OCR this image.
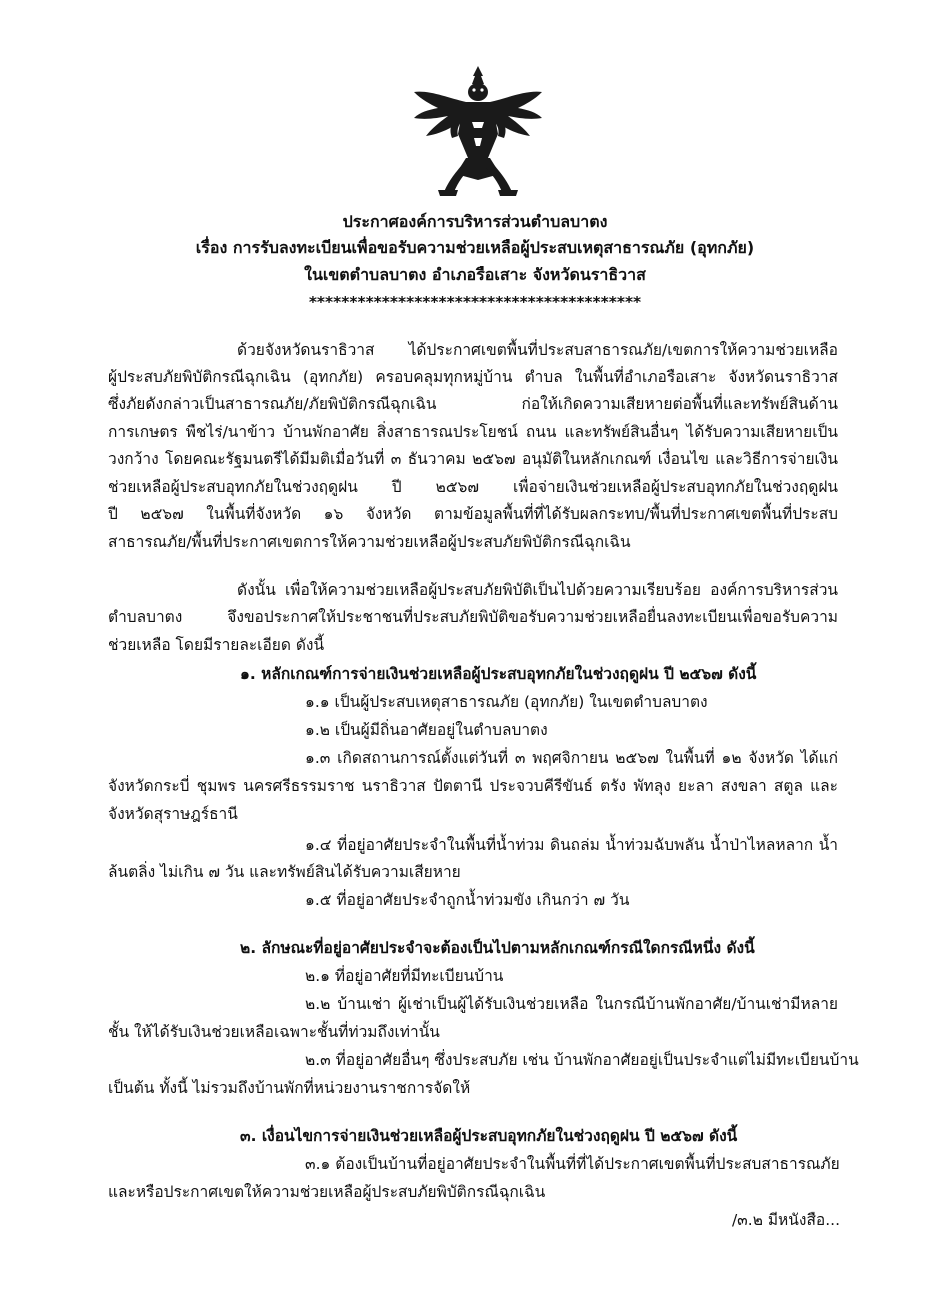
ประกาศองค์การบริหารส่วนตำบลบาตง

เรื่อง การรับลงทะเบียนเพื่อขอรับความช่วยเหลือผู้ประสบเหตุสาธารณภัย (อุทกภัย)

ในเขตตำบลบาตง อำเภอรือเสาะ จังหวัดนราธิวาส

*****************************************

ด้วยจังหวัดนราธิวาส ได้ประกาศเขตพื้นที่ประสบสาธารณภัย/เขตการให้ความช่วยเหลือ

ผู้ประสบภัยพิบัติกรณีฉุกเฉิน (อุทกภัย) ครอบคลุมทุกหมู่บ้าน ตำบล ในพื้นที่อำเภอรือเสาะ จังหวัดนราธิวาส

ซึ่งภัยดังกล่าวเป็นสาธารณภัย/ภัยพิบัติกรณีฉุกเฉิน ก่อให้เกิดความเสียหายต่อพื้นที่และทรัพย์สินด้าน

การเกษตร พืชไร่/นาข้าว บ้านพักอาศัย สิ่งสาธารณประโยชน์ ถนน และทรัพย์สินอื่นๆ ได้รับความเสียหายเป็น

วงกว้าง โดยคณะรัฐมนตรีได้มีมติเมื่อวันที่ ๓ ธันวาคม ๒๕๖๗ อนุมัติในหลักเกณฑ์ เงื่อนไข และวิธีการจ่ายเงิน

ช่วยเหลือผู้ประสบอุทกภัยในช่วงฤดูฝน ปี ๒๕๖๗ เพื่อจ่ายเงินช่วยเหลือผู้ประสบอุทกภัยในช่วงฤดูฝน

ปี ๒๕๖๗ ในพื้นที่จังหวัด ๑๖ จังหวัด ตามข้อมูลพื้นที่ที่ได้รับผลกระทบ/พื้นที่ประกาศเขตพื้นที่ประสบ

สาธารณภัย/พื้นที่ประกาศเขตการให้ความช่วยเหลือผู้ประสบภัยพิบัติกรณีฉุกเฉิน

ดังนั้น เพื่อให้ความช่วยเหลือผู้ประสบภัยพิบัติเป็นไปด้วยความเรียบร้อย องค์การบริหารส่วน

ตำบลบาตง จึงขอประกาศให้ประชาชนที่ประสบภัยพิบัติขอรับความช่วยเหลือยื่นลงทะเบียนเพื่อขอรับความ

ช่วยเหลือ โดยมีรายละเอียด ดังนี้

๑. หลักเกณฑ์การจ่ายเงินช่วยเหลือผู้ประสบอุทกภัยในช่วงฤดูฝน ปี ๒๕๖๗ ดังนี้

๑.๑ เป็นผู้ประสบเหตุสาธารณภัย (อุทกภัย) ในเขตตำบลบาตง

๑.๒ เป็นผู้มีถิ่นอาศัยอยู่ในตำบลบาตง

๑.๓ เกิดสถานการณ์ตั้งแต่วันที่ ๓ พฤศจิกายน ๒๕๖๗ ในพื้นที่ ๑๒ จังหวัด ได้แก่

จังหวัดกระบี่ ชุมพร นครศรีธรรมราช นราธิวาส ปัตตานี ประจวบคีรีขันธ์ ตรัง พัทลุง ยะลา สงขลา สตูล และ

จังหวัดสุราษฎร์ธานี

๑.๔ ที่อยู่อาศัยประจำในพื้นที่น้ำท่วม ดินถล่ม น้ำท่วมฉับพลัน น้ำป่าไหลหลาก น้ำ

ล้นตลิ่ง ไม่เกิน ๗ วัน และทรัพย์สินได้รับความเสียหาย

๑.๕ ที่อยู่อาศัยประจำถูกน้ำท่วมขัง เกินกว่า ๗ วัน

๒. ลักษณะที่อยู่อาศัยประจำจะต้องเป็นไปตามหลักเกณฑ์กรณีใดกรณีหนึ่ง ดังนี้

๒.๑ ที่อยู่อาศัยที่มีทะเบียนบ้าน

๒.๒ บ้านเช่า ผู้เช่าเป็นผู้ได้รับเงินช่วยเหลือ ในกรณีบ้านพักอาศัย/บ้านเช่ามีหลาย

ชั้น ให้ได้รับเงินช่วยเหลือเฉพาะชั้นที่ท่วมถึงเท่านั้น

๒.๓ ที่อยู่อาศัยอื่นๆ ซึ่งประสบภัย เช่น บ้านพักอาศัยอยู่เป็นประจำแต่ไม่มีทะเบียนบ้าน

เป็นต้น ทั้งนี้ ไม่รวมถึงบ้านพักที่หน่วยงานราชการจัดให้

๓. เงื่อนไขการจ่ายเงินช่วยเหลือผู้ประสบอุทกภัยในช่วงฤดูฝน ปี ๒๕๖๗ ดังนี้

๓.๑ ต้องเป็นบ้านที่อยู่อาศัยประจำในพื้นที่ที่ได้ประกาศเขตพื้นที่ประสบสาธารณภัย

และหรือประกาศเขตให้ความช่วยเหลือผู้ประสบภัยพิบัติกรณีฉุกเฉิน

/๓.๒ มีหนังสือ...
